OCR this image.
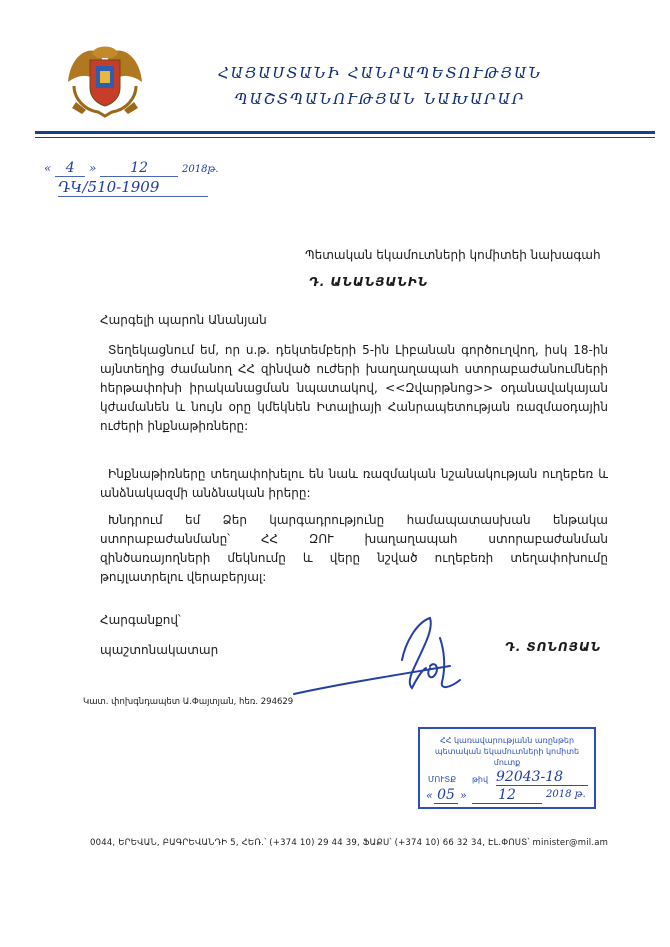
ՀԱՅԱՍՏԱՆԻ ՀԱՆՐԱՊԵՏՈՒԹՅԱՆ
ՊԱՇՏՊԱՆՈՒԹՅԱՆ ՆԱԽԱՐԱՐ
« 4 » 12	2018թ.
ԴԿ/510-1909
Պետական եկամուտների կոմիտեի նախագահ
Դ. ԱՆԱՆՅԱՆԻՆ
Հարգելի պարոն Անանյան
Տեղեկացնում եմ, որ ս.թ. դեկտեմբերի 5-ին Լիբանան գործուղվող, իսկ 18-ին այնտեղից ժամանող ՀՀ զինված ուժերի խաղաղապահ ստորաբաժանումների հերթափոխի իրականացման նպատակով, <<Զվարթնոց>> օդանավակայան կժամանեն և նույն օրը կմեկնեն Իտալիայի Հանրապետության ռազմաօդային ուժերի ինքնաթիռները:
Ինքնաթիռները տեղափոխելու են նաև ռազմական նշանակության ուղեբեռ և անձնակազմի անձնական իրերը:
Խնդրում եմ Ձեր կարգադրությունը համապատասխան ենթակա ստորաբաժանմանը՝ ՀՀ ԶՈՒ խաղաղապահ ստորաբաժանման զինծառայողների մեկնումը և վերը նշված ուղեբեռի տեղափոխումը թույլատրելու վերաբերյալ:
Հարգանքով՝
պաշտոնակատար	Դ. ՏՈՆՈՅԱՆ
Կատ. փոխգնդապետ Ա.Փայտյան, հեռ. 294629
ՀՀ կառավարությանն առընթեր
պետական եկամուտների կոմիտե
մուտք
ՄՈՒՏՔ թիվ 92043-18
« 05 »	12	2018 թ.
0044, ԵՐԵՎԱՆ, ԲԱԳՐԵՎԱՆԴԻ 5, ՀԵՌ.՝ (+374 10) 29 44 39, ՖԱՔՍ՝ (+374 10) 66 32 34, ԷԼ.ՓՈՍՏ՝ minister@mil.am
